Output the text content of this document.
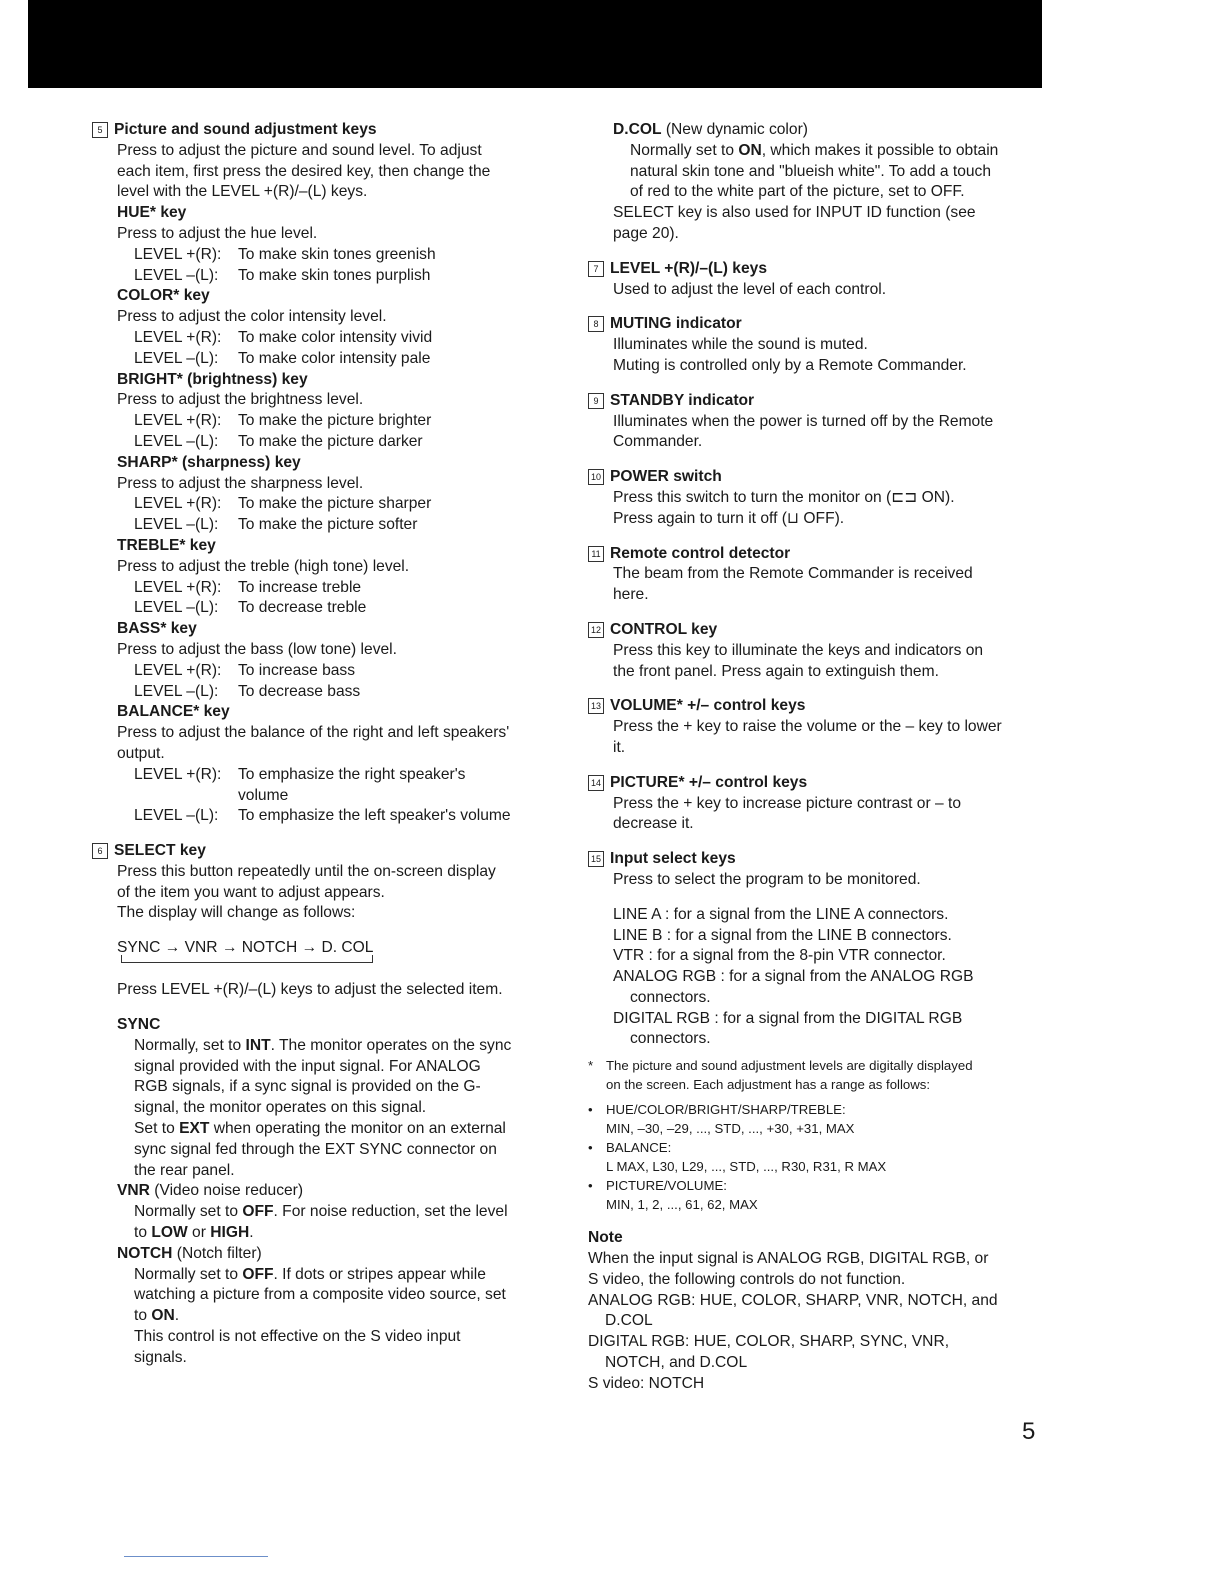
5 Picture and sound adjustment keys
Press to adjust the picture and sound level. To adjust
each item, first press the desired key, then change the
level with the LEVEL +(R)/–(L) keys.
HUE* key
Press to adjust the hue level.
LEVEL +(R):	To make skin tones greenish
LEVEL –(L):	To make skin tones purplish
COLOR* key
Press to adjust the color intensity level.
LEVEL +(R):	To make color intensity vivid
LEVEL –(L):	To make color intensity pale
BRIGHT* (brightness) key
Press to adjust the brightness level.
LEVEL +(R):	To make the picture brighter
LEVEL –(L):	To make the picture darker
SHARP* (sharpness) key
Press to adjust the sharpness level.
LEVEL +(R):	To make the picture sharper
LEVEL –(L):	To make the picture softer
TREBLE* key
Press to adjust the treble (high tone) level.
LEVEL +(R):	To increase treble
LEVEL –(L):	To decrease treble
BASS* key
Press to adjust the bass (low tone) level.
LEVEL +(R):	To increase bass
LEVEL –(L):	To decrease bass
BALANCE* key
Press to adjust the balance of the right and left speakers'
output.
LEVEL +(R):	To emphasize the right speaker's
volume
LEVEL –(L):	To emphasize the left speaker's volume
6 SELECT key
Press this button repeatedly until the on-screen display
of the item you want to adjust appears.
The display will change as follows:
SYNC → VNR → NOTCH → D. COL
Press LEVEL +(R)/–(L) keys to adjust the selected item.
SYNC
Normally, set to INT. The monitor operates on the sync
signal provided with the input signal. For ANALOG
RGB signals, if a sync signal is provided on the G-
signal, the monitor operates on this signal.
Set to EXT when operating the monitor on an external
sync signal fed through the EXT SYNC connector on
the rear panel.
VNR (Video noise reducer)
Normally set to OFF. For noise reduction, set the level
to LOW or HIGH.
NOTCH (Notch filter)
Normally set to OFF. If dots or stripes appear while
watching a picture from a composite video source, set
to ON.
This control is not effective on the S video input
signals.
D.COL (New dynamic color)
Normally set to ON, which makes it possible to obtain
natural skin tone and "blueish white". To add a touch
of red to the white part of the picture, set to OFF.
SELECT key is also used for INPUT ID function (see
page 20).
7 LEVEL +(R)/–(L) keys
Used to adjust the level of each control.
8 MUTING indicator
Illuminates while the sound is muted.
Muting is controlled only by a Remote Commander.
9 STANDBY indicator
Illuminates when the power is turned off by the Remote
Commander.
10 POWER switch
Press this switch to turn the monitor on (⊏⊐ ON).
Press again to turn it off (⊔ OFF).
11 Remote control detector
The beam from the Remote Commander is received
here.
12 CONTROL key
Press this key to illuminate the keys and indicators on
the front panel. Press again to extinguish them.
13 VOLUME* +/– control keys
Press the + key to raise the volume or the – key to lower
it.
14 PICTURE* +/– control keys
Press the + key to increase picture contrast or – to
decrease it.
15 Input select keys
Press to select the program to be monitored.
LINE A : for a signal from the LINE A connectors.
LINE B : for a signal from the LINE B connectors.
VTR : for a signal from the 8-pin VTR connector.
ANALOG RGB : for a signal from the ANALOG RGB
connectors.
DIGITAL RGB : for a signal from the DIGITAL RGB
connectors.
* The picture and sound adjustment levels are digitally displayed
on the screen. Each adjustment has a range as follows:
•	HUE/COLOR/BRIGHT/SHARP/TREBLE:
MIN, –30, –29, ..., STD, ..., +30, +31, MAX
•	BALANCE:
L MAX, L30, L29, ..., STD, ..., R30, R31, R MAX
•	PICTURE/VOLUME:
MIN, 1, 2, ..., 61, 62, MAX
Note
When the input signal is ANALOG RGB, DIGITAL RGB, or
S video, the following controls do not function.
ANALOG RGB: HUE, COLOR, SHARP, VNR, NOTCH, and
D.COL
DIGITAL RGB: HUE, COLOR, SHARP, SYNC, VNR,
NOTCH, and D.COL
S video: NOTCH
5
